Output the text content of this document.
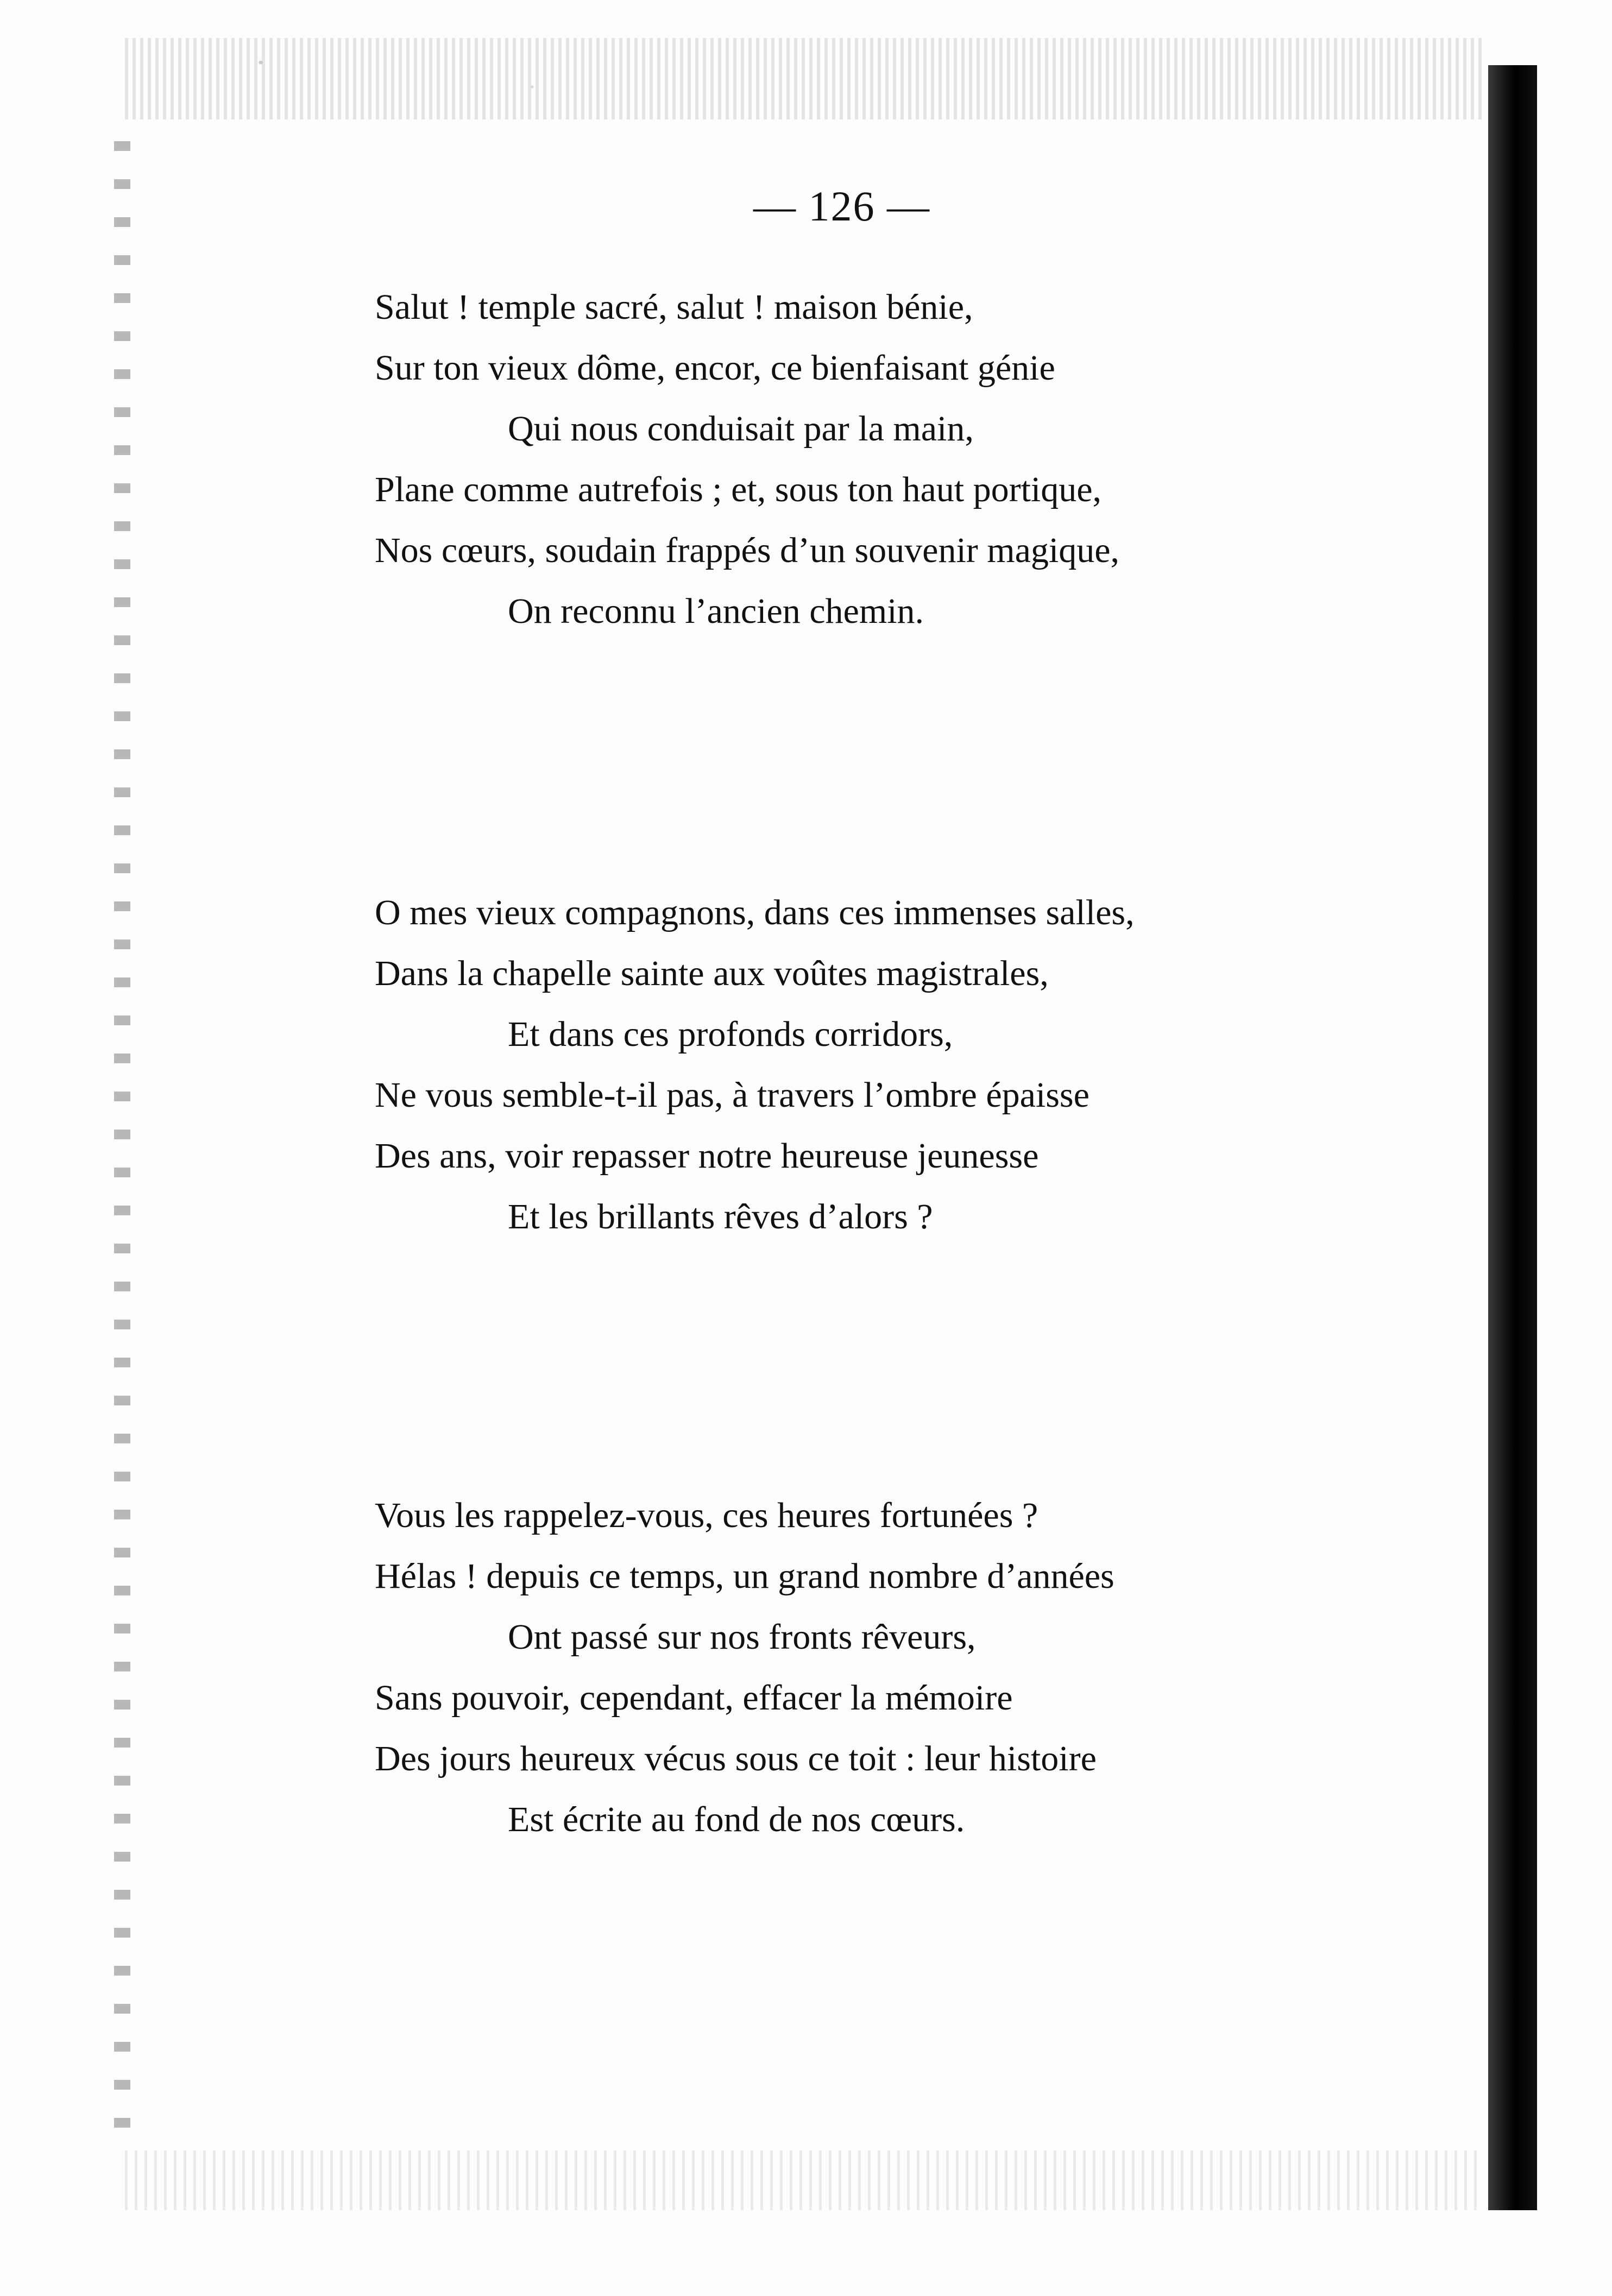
— 126 —
Salut ! temple sacré, salut ! maison bénie,
Sur ton vieux dôme, encor, ce bienfaisant génie
Qui nous conduisait par la main,
Plane comme autrefois ; et, sous ton haut portique,
Nos cœurs, soudain frappés d’un souvenir magique,
On reconnu l’ancien chemin.
O mes vieux compagnons, dans ces immenses salles,
Dans la chapelle sainte aux voûtes magistrales,
Et dans ces profonds corridors,
Ne vous semble-t-il pas, à travers l’ombre épaisse
Des ans, voir repasser notre heureuse jeunesse
Et les brillants rêves d’alors ?
Vous les rappelez-vous, ces heures fortunées ?
Hélas ! depuis ce temps, un grand nombre d’années
Ont passé sur nos fronts rêveurs,
Sans pouvoir, cependant, effacer la mémoire
Des jours heureux vécus sous ce toit : leur histoire
Est écrite au fond de nos cœurs.
